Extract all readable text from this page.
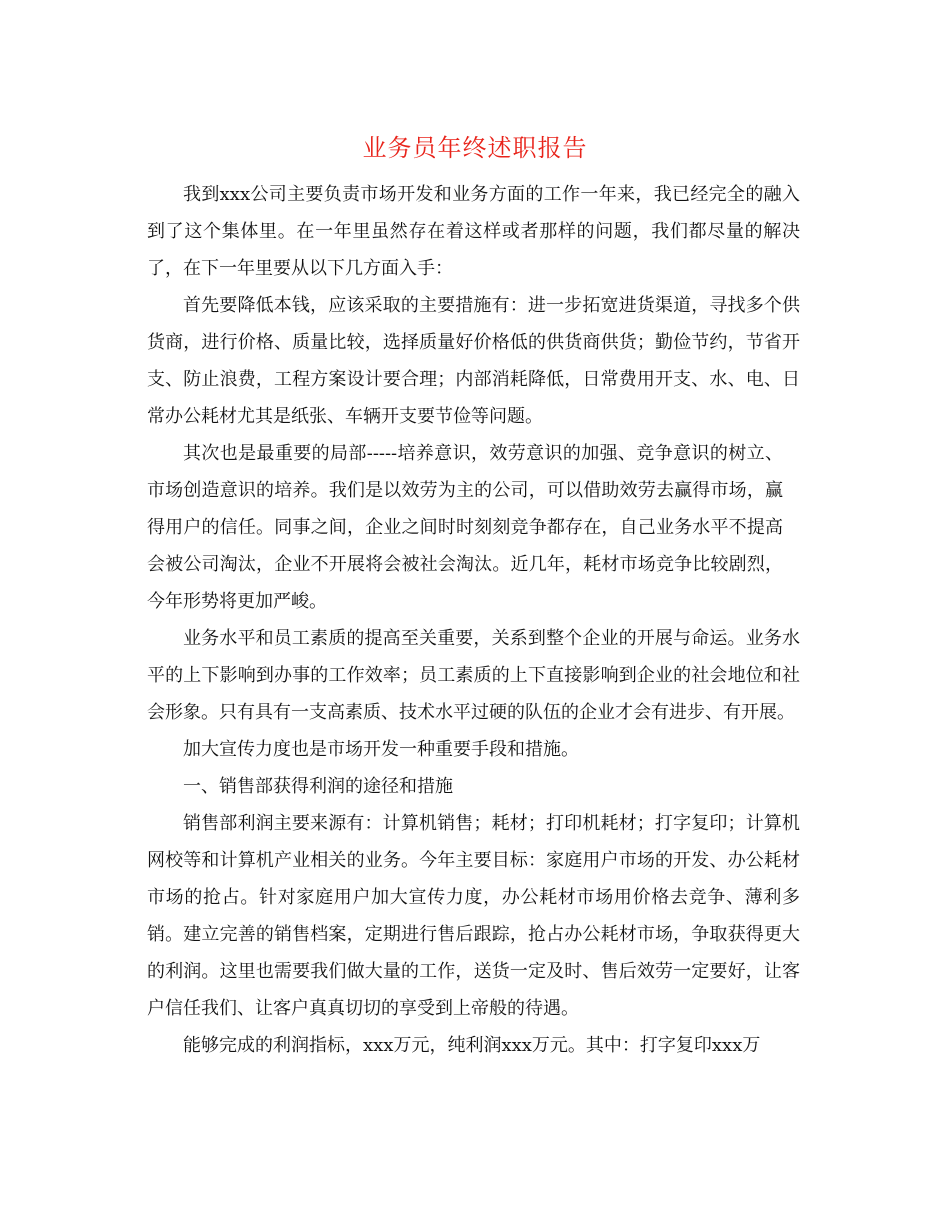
业务员年终述职报告

我到xxx公司主要负责市场开发和业务方面的工作一年来，我已经完全的融入到了这个集体里。在一年里虽然存在着这样或者那样的问题，我们都尽量的解决了，在下一年里要从以下几方面入手：

首先要降低本钱，应该采取的主要措施有：进一步拓宽进货渠道，寻找多个供货商，进行价格、质量比较，选择质量好价格低的供货商供货；勤俭节约，节省开支、防止浪费，工程方案设计要合理；内部消耗降低，日常费用开支、水、电、日常办公耗材尤其是纸张、车辆开支要节俭等问题。

其次也是最重要的局部-----培养意识，效劳意识的加强、竞争意识的树立、市场创造意识的培养。我们是以效劳为主的公司，可以借助效劳去赢得市场，赢得用户的信任。同事之间，企业之间时时刻刻竞争都存在，自己业务水平不提高会被公司淘汰，企业不开展将会被社会淘汰。近几年，耗材市场竞争比较剧烈，今年形势将更加严峻。

业务水平和员工素质的提高至关重要，关系到整个企业的开展与命运。业务水平的上下影响到办事的工作效率；员工素质的上下直接影响到企业的社会地位和社会形象。只有具有一支高素质、技术水平过硬的队伍的企业才会有进步、有开展。

加大宣传力度也是市场开发一种重要手段和措施。

一、销售部获得利润的途径和措施

销售部利润主要来源有：计算机销售；耗材；打印机耗材；打字复印；计算机网校等和计算机产业相关的业务。今年主要目标：家庭用户市场的开发、办公耗材市场的抢占。针对家庭用户加大宣传力度，办公耗材市场用价格去竞争、薄利多销。建立完善的销售档案，定期进行售后跟踪，抢占办公耗材市场，争取获得更大的利润。这里也需要我们做大量的工作，送货一定及时、售后效劳一定要好，让客户信任我们、让客户真真切切的享受到上帝般的待遇。

能够完成的利润指标，xxx万元，纯利润xxx万元。其中：打字复印xxx万
